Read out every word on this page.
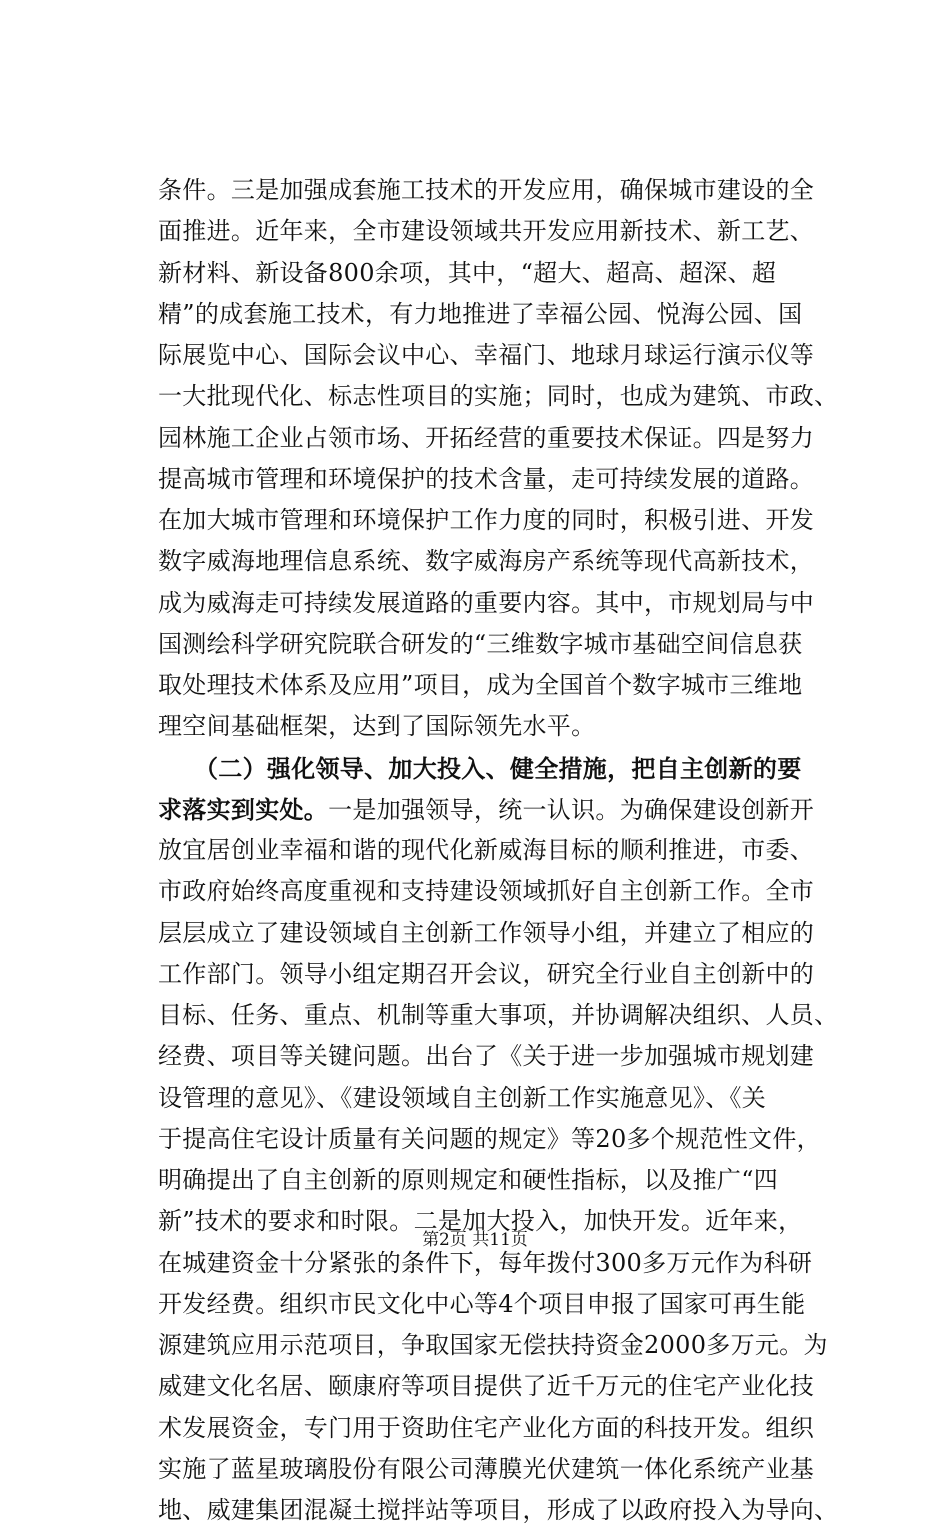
条件。三是加强成套施工技术的开发应用，确保城市建设的全
面推进。近年来，全市建设领域共开发应用新技术、新工艺、
新材料、新设备800余项，其中，“超大、超高、超深、超
精”的成套施工技术，有力地推进了幸福公园、悦海公园、国
际展览中心、国际会议中心、幸福门、地球月球运行演示仪等
一大批现代化、标志性项目的实施；同时，也成为建筑、市政、
园林施工企业占领市场、开拓经营的重要技术保证。四是努力
提高城市管理和环境保护的技术含量，走可持续发展的道路。
在加大城市管理和环境保护工作力度的同时，积极引进、开发
数字威海地理信息系统、数字威海房产系统等现代高新技术，
成为威海走可持续发展道路的重要内容。其中，市规划局与中
国测绘科学研究院联合研发的“三维数字城市基础空间信息获
取处理技术体系及应用”项目，成为全国首个数字城市三维地
理空间基础框架，达到了国际领先水平。
（二）强化领导、加大投入、健全措施，把自主创新的要
求落实到实处。一是加强领导，统一认识。为确保建设创新开
放宜居创业幸福和谐的现代化新威海目标的顺利推进，市委、
市政府始终高度重视和支持建设领域抓好自主创新工作。全市
层层成立了建设领域自主创新工作领导小组，并建立了相应的
工作部门。领导小组定期召开会议，研究全行业自主创新中的
目标、任务、重点、机制等重大事项，并协调解决组织、人员、
经费、项目等关键问题。出台了《关于进一步加强城市规划建
设管理的意见》、《建设领域自主创新工作实施意见》、《关
于提高住宅设计质量有关问题的规定》等20多个规范性文件，
明确提出了自主创新的原则规定和硬性指标，以及推广“四
新”技术的要求和时限。二是加大投入，加快开发。近年来，
在城建资金十分紧张的条件下，每年拨付300多万元作为科研
开发经费。组织市民文化中心等4个项目申报了国家可再生能
源建筑应用示范项目，争取国家无偿扶持资金2000多万元。为
威建文化名居、颐康府等项目提供了近千万元的住宅产业化技
术发展资金，专门用于资助住宅产业化方面的科技开发。组织
实施了蓝星玻璃股份有限公司薄膜光伏建筑一体化系统产业基
地、威建集团混凝土搅拌站等项目，形成了以政府投入为导向、
第2页 共11页
